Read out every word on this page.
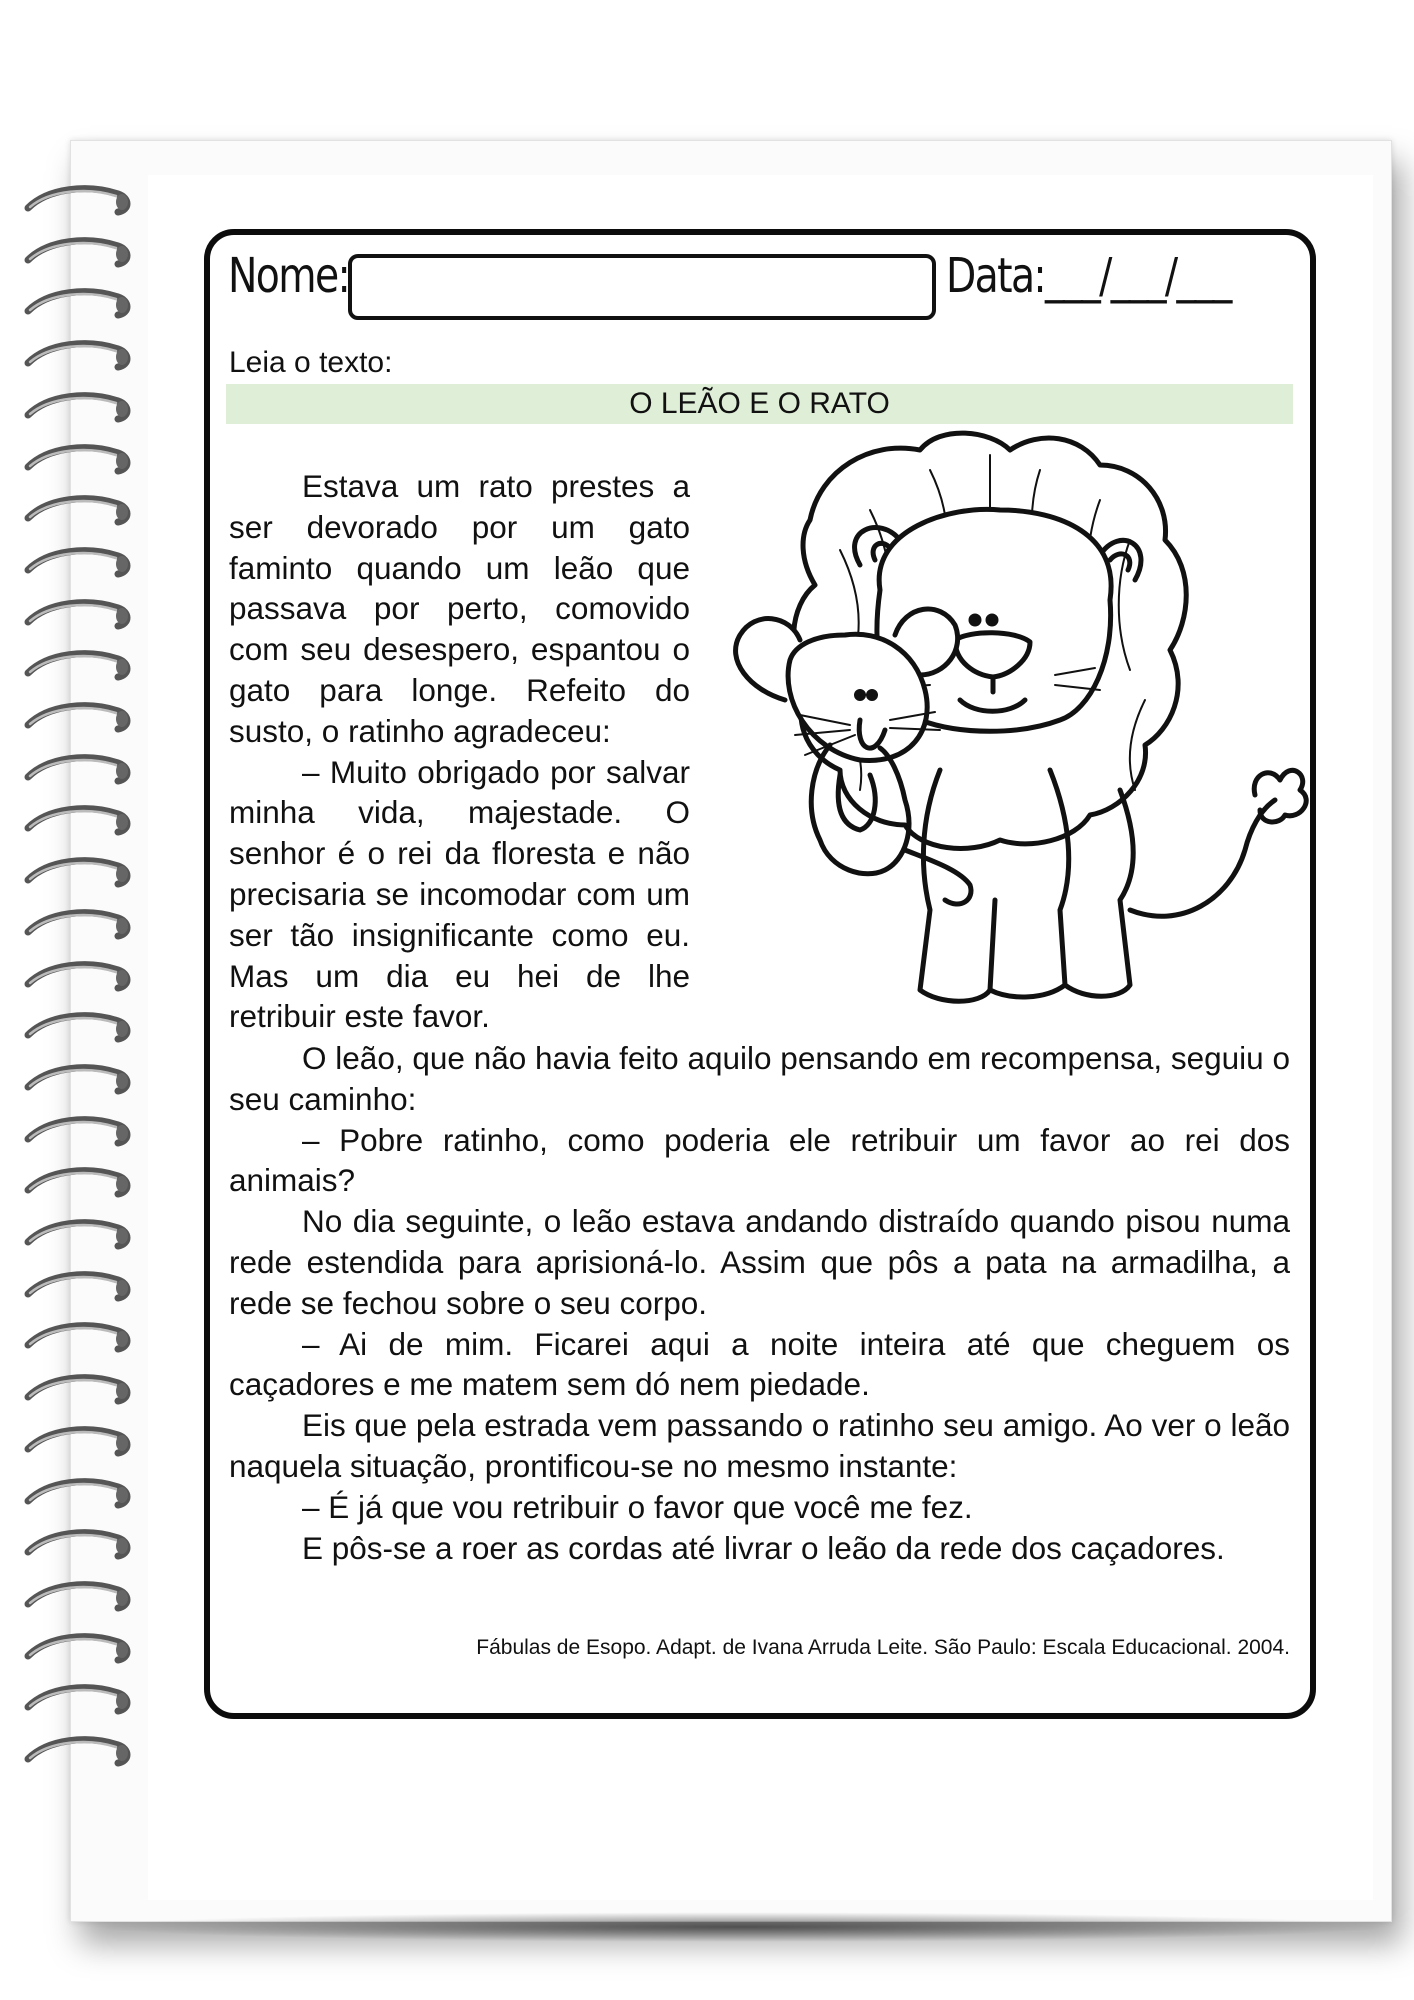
Nome:	Data:___/___/___
Leia o texto:
O LEÃO E O RATO

Estava um rato prestes a ser devorado por um gato faminto quando um leão que passava por perto, comovido com seu desespero, espantou o gato para longe. Refeito do susto, o ratinho agradeceu:

– Muito obrigado por salvar minha vida, majestade. O senhor é o rei da floresta e não precisaria se incomodar com um ser tão insignificante como eu. Mas um dia eu hei de lhe retribuir este favor.

O leão, que não havia feito aquilo pensando em recompensa, seguiu o seu caminho:

– Pobre ratinho, como poderia ele retribuir um favor ao rei dos animais?

No dia seguinte, o leão estava andando distraído quando pisou numa rede estendida para aprisioná-lo. Assim que pôs a pata na armadilha, a rede se fechou sobre o seu corpo.

– Ai de mim. Ficarei aqui a noite inteira até que cheguem os caçadores e me matem sem dó nem piedade.

Eis que pela estrada vem passando o ratinho seu amigo. Ao ver o leão naquela situação, prontificou-se no mesmo instante:

– É já que vou retribuir o favor que você me fez.

E pôs-se a roer as cordas até livrar o leão da rede dos caçadores.

Fábulas de Esopo. Adapt. de Ivana Arruda Leite. São Paulo: Escala Educacional. 2004.
